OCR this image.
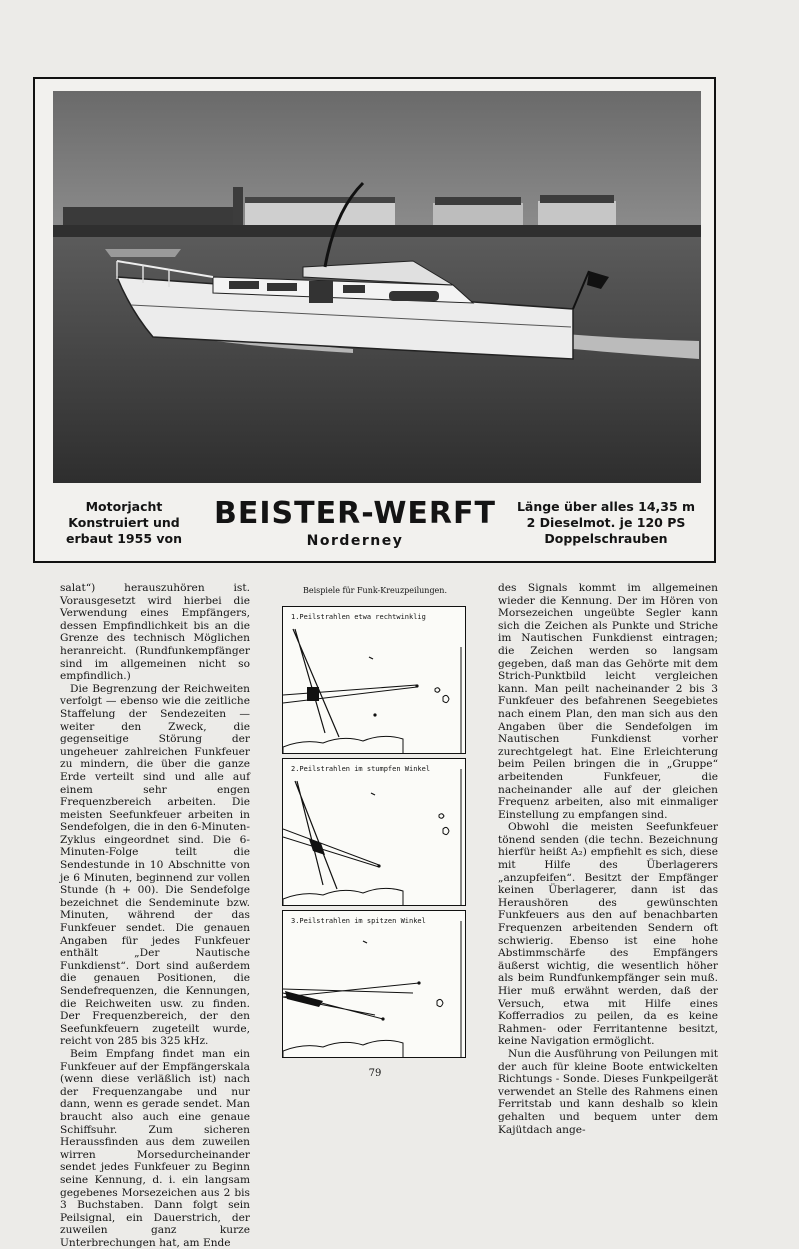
Motorjacht
Konstruiert und
erbaut 1955 von
BEISTER-WERFT
Norderney
Länge über alles 14,35 m
2 Dieselmot. je 120 PS
Doppelschrauben

salat“) herauszuhören ist. Vorausgesetzt wird hierbei die Verwendung eines Empfängers, dessen Empfindlichkeit bis an die Grenze des technisch Möglichen heranreicht. (Rundfunkempfänger sind im allgemeinen nicht so empfindlich.)

Die Begrenzung der Reichweiten verfolgt — ebenso wie die zeitliche Staffelung der Sendezeiten — weiter den Zweck, die gegenseitige Störung der ungeheuer zahlreichen Funkfeuer zu mindern, die über die ganze Erde verteilt sind und alle auf einem sehr engen Frequenzbereich arbeiten. Die meisten Seefunkfeuer arbeiten in Sendefolgen, die in den 6-Minuten-Zyklus eingeordnet sind. Die 6-Minuten-Folge teilt die Sendestunde in 10 Abschnitte von je 6 Minuten, beginnend zur vollen Stunde (h + 00). Die Sendefolge bezeichnet die Sendeminute bzw. Minuten, während der das Funkfeuer sendet. Die genauen Angaben für jedes Funkfeuer enthält „Der Nautische Funkdienst“. Dort sind außerdem die genauen Positionen, die Sendefrequenzen, die Kennungen, die Reichweiten usw. zu finden. Der Frequenzbereich, der den Seefunkfeuern zugeteilt wurde, reicht von 285 bis 325 kHz.

Beim Empfang findet man ein Funkfeuer auf der Empfängerskala (wenn diese verläßlich ist) nach der Frequenzangabe und nur dann, wenn es gerade sendet. Man braucht also auch eine genaue Schiffsuhr. Zum sicheren Heraussfinden aus dem zuweilen wirren Morsedurcheinander sendet jedes Funkfeuer zu Beginn seine Kennung, d. i. ein langsam gegebenes Morsezeichen aus 2 bis 3 Buchstaben. Dann folgt sein Peilsignal, ein Dauerstrich, der zuweilen ganz kurze Unterbrechungen hat, am Ende

Beispiele für Funk-Kreuzpeilungen.
1.Peilstrahlen etwa rechtwinklig
2.Peilstrahlen im stumpfen Winkel
3.Peilstrahlen im spitzen Winkel

des Signals kommt im allgemeinen wieder die Kennung. Der im Hören von Morsezeichen ungeübte Segler kann sich die Zeichen als Punkte und Striche im Nautischen Funkdienst eintragen; die Zeichen werden so langsam gegeben, daß man das Gehörte mit dem Strich-Punktbild leicht vergleichen kann. Man peilt nacheinander 2 bis 3 Funkfeuer des befahrenen Seegebietes nach einem Plan, den man sich aus den Angaben über die Sendefolgen im Nautischen Funkdienst vorher zurechtgelegt hat. Eine Erleichterung beim Peilen bringen die in „Gruppe“ arbeitenden Funkfeuer, die nacheinander alle auf der gleichen Frequenz arbeiten, also mit einmaliger Einstellung zu empfangen sind.

Obwohl die meisten Seefunkfeuer tönend senden (die techn. Bezeichnung hierfür heißt A₂) empfiehlt es sich, diese mit Hilfe des Überlagerers „anzupfeifen“. Besitzt der Empfänger keinen Überlagerer, dann ist das Heraushören des gewünschten Funkfeuers aus den auf benachbarten Frequenzen arbeitenden Sendern oft schwierig. Ebenso ist eine hohe Abstimmschärfe des Empfängers äußerst wichtig, die wesentlich höher als beim Rundfunkempfänger sein muß. Hier muß erwähnt werden, daß der Versuch, etwa mit Hilfe eines Kofferradios zu peilen, da es keine Rahmen- oder Ferritantenne besitzt, keine Navigation ermöglicht.

Nun die Ausführung von Peilungen mit der auch für kleine Boote entwickelten Richtungs - Sonde. Dieses Funkpeilgerät verwendet an Stelle des Rahmens einen Ferritstab und kann deshalb so klein gehalten und bequem unter dem Kajütdach ange-

79
